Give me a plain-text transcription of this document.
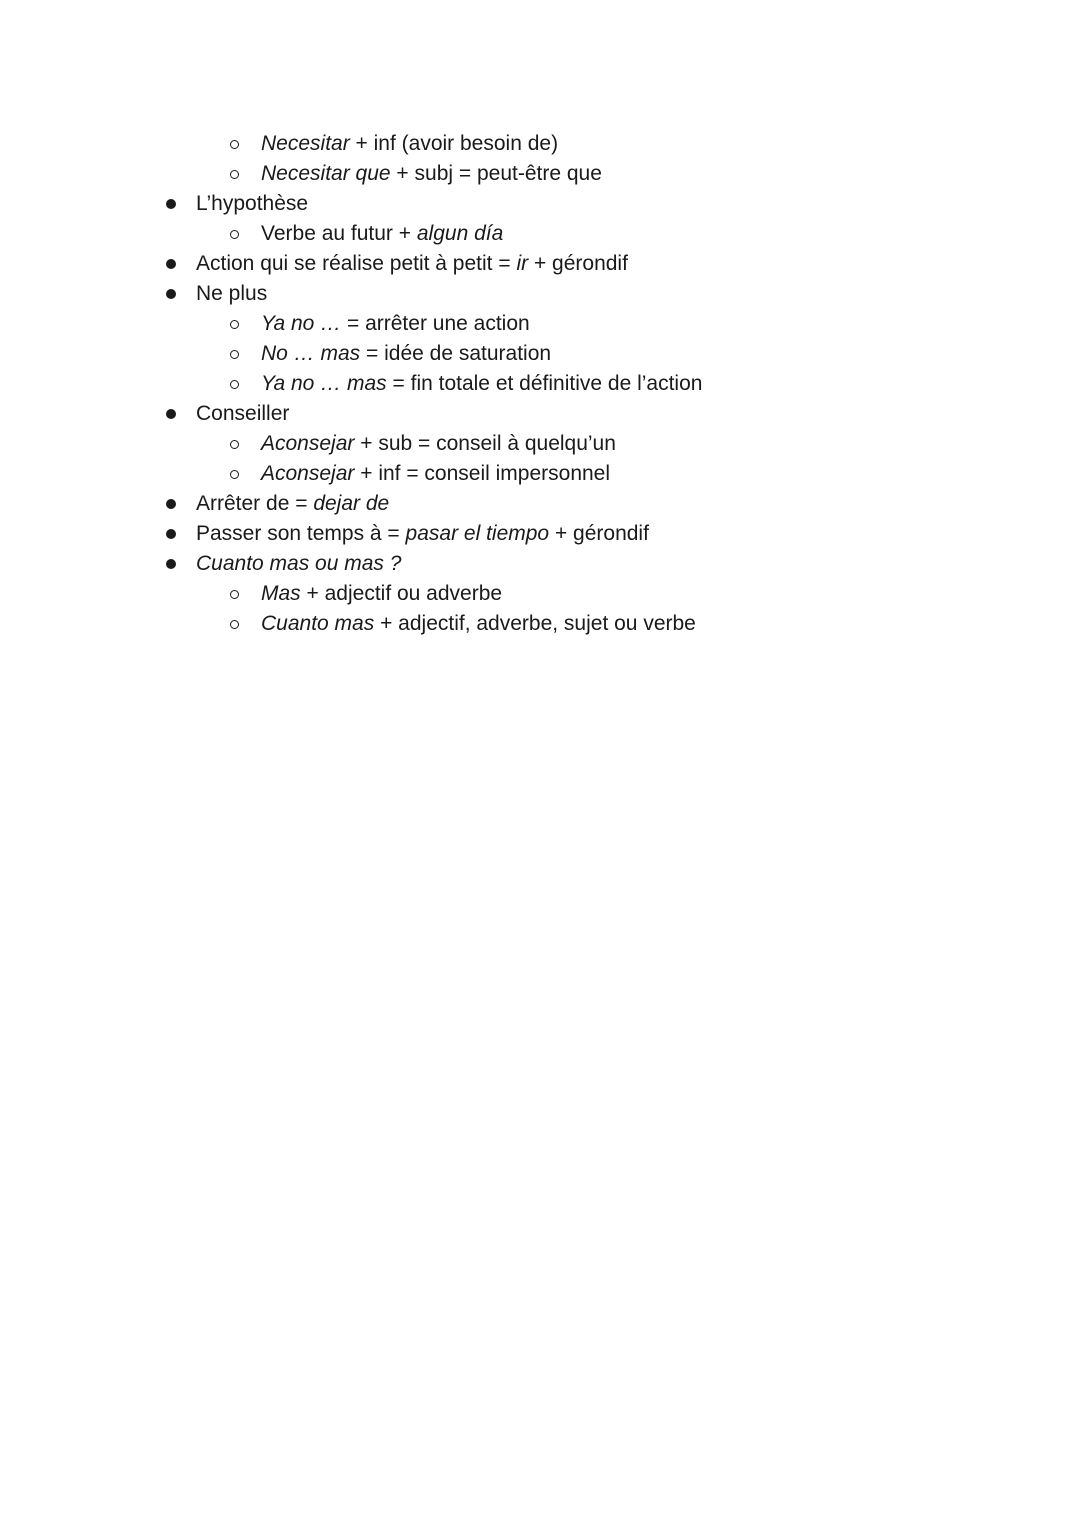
Necesitar + inf (avoir besoin de)
Necesitar que + subj = peut-être que
L’hypothèse
Verbe au futur + algun día
Action qui se réalise petit à petit = ir + gérondif
Ne plus
Ya no … = arrêter une action
No … mas = idée de saturation
Ya no … mas = fin totale et définitive de l’action
Conseiller
Aconsejar + sub = conseil à quelqu’un
Aconsejar + inf = conseil impersonnel
Arrêter de = dejar de
Passer son temps à = pasar el tiempo + gérondif
Cuanto mas ou mas ?
Mas + adjectif ou adverbe
Cuanto mas + adjectif, adverbe, sujet ou verbe
